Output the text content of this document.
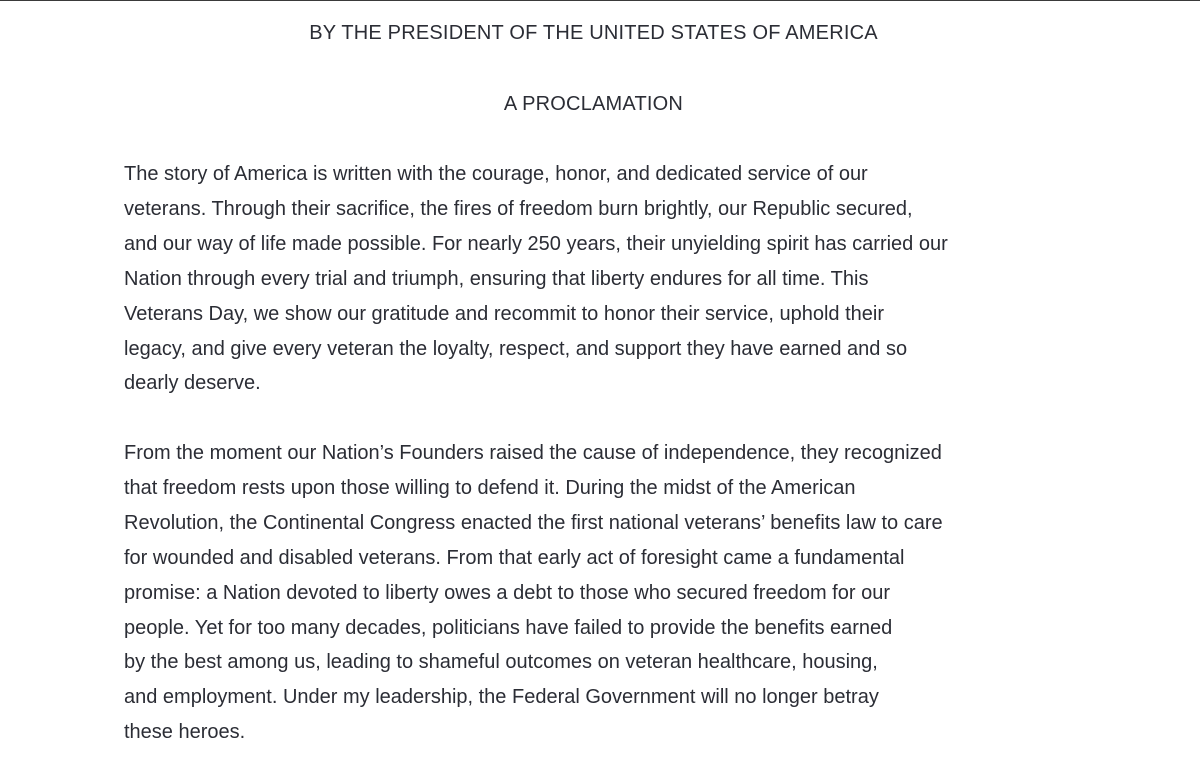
BY THE PRESIDENT OF THE UNITED STATES OF AMERICA
A PROCLAMATION

The story of America is written with the courage, honor, and dedicated service of our
veterans. Through their sacrifice, the fires of freedom burn brightly, our Republic secured,
and our way of life made possible. For nearly 250 years, their unyielding spirit has carried our
Nation through every trial and triumph, ensuring that liberty endures for all time. This
Veterans Day, we show our gratitude and recommit to honor their service, uphold their
legacy, and give every veteran the loyalty, respect, and support they have earned and so
dearly deserve.

From the moment our Nation’s Founders raised the cause of independence, they recognized
that freedom rests upon those willing to defend it. During the midst of the American
Revolution, the Continental Congress enacted the first national veterans’ benefits law to care
for wounded and disabled veterans. From that early act of foresight came a fundamental
promise: a Nation devoted to liberty owes a debt to those who secured freedom for our
people. Yet for too many decades, politicians have failed to provide the benefits earned
by the best among us, leading to shameful outcomes on veteran healthcare, housing,
and employment. Under my leadership, the Federal Government will no longer betray
these heroes.
